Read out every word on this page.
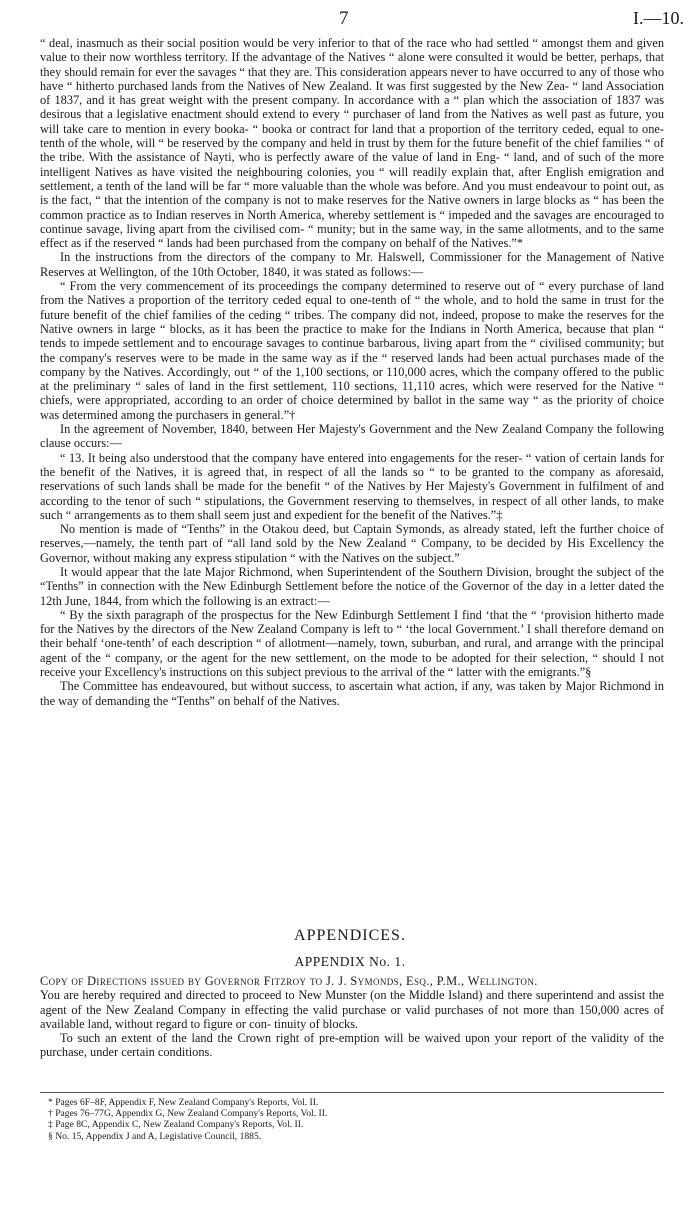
7	I.—10.

“ deal, inasmuch as their social position would be very inferior to that of the race who had settled “ amongst them and given value to their now worthless territory. If the advantage of the Natives “ alone were consulted it would be better, perhaps, that they should remain for ever the savages “ that they are. This consideration appears never to have occurred to any of those who have “ hitherto purchased lands from the Natives of New Zealand. It was first suggested by the New Zea- “ land Association of 1837, and it has great weight with the present company. In accordance with a “ plan which the association of 1837 was desirous that a legislative enactment should extend to every “ purchaser of land from the Natives as well past as future, you will take care to mention in every booka- “ booka or contract for land that a proportion of the territory ceded, equal to one-tenth of the whole, will “ be reserved by the company and held in trust by them for the future benefit of the chief families “ of the tribe. With the assistance of Nayti, who is perfectly aware of the value of land in Eng- “ land, and of such of the more intelligent Natives as have visited the neighbouring colonies, you “ will readily explain that, after English emigration and settlement, a tenth of the land will be far “ more valuable than the whole was before. And you must endeavour to point out, as is the fact, “ that the intention of the company is not to make reserves for the Native owners in large blocks as “ has been the common practice as to Indian reserves in North America, whereby settlement is “ impeded and the savages are encouraged to continue savage, living apart from the civilised com- “ munity; but in the same way, in the same allotments, and to the same effect as if the reserved “ lands had been purchased from the company on behalf of the Natives.”*

In the instructions from the directors of the company to Mr. Halswell, Commissioner for the Management of Native Reserves at Wellington, of the 10th October, 1840, it was stated as follows:—

“ From the very commencement of its proceedings the company determined to reserve out of “ every purchase of land from the Natives a proportion of the territory ceded equal to one-tenth of “ the whole, and to hold the same in trust for the future benefit of the chief families of the ceding “ tribes. The company did not, indeed, propose to make the reserves for the Native owners in large “ blocks, as it has been the practice to make for the Indians in North America, because that plan “ tends to impede settlement and to encourage savages to continue barbarous, living apart from the “ civilised community; but the company's reserves were to be made in the same way as if the “ reserved lands had been actual purchases made of the company by the Natives. Accordingly, out “ of the 1,100 sections, or 110,000 acres, which the company offered to the public at the preliminary “ sales of land in the first settlement, 110 sections, 11,110 acres, which were reserved for the Native “ chiefs, were appropriated, according to an order of choice determined by ballot in the same way “ as the priority of choice was determined among the purchasers in general.”†

In the agreement of November, 1840, between Her Majesty's Government and the New Zealand Company the following clause occurs:—

“ 13. It being also understood that the company have entered into engagements for the reser- “ vation of certain lands for the benefit of the Natives, it is agreed that, in respect of all the lands so “ to be granted to the company as aforesaid, reservations of such lands shall be made for the benefit “ of the Natives by Her Majesty's Government in fulfilment of and according to the tenor of such “ stipulations, the Government reserving to themselves, in respect of all other lands, to make such “ arrangements as to them shall seem just and expedient for the benefit of the Natives.”‡

No mention is made of “Tenths” in the Otakou deed, but Captain Symonds, as already stated, left the further choice of reserves,—namely, the tenth part of “all land sold by the New Zealand “ Company, to be decided by His Excellency the Governor, without making any express stipulation “ with the Natives on the subject.”

It would appear that the late Major Richmond, when Superintendent of the Southern Division, brought the subject of the “Tenths” in connection with the New Edinburgh Settlement before the notice of the Governor of the day in a letter dated the 12th June, 1844, from which the following is an extract:—

“ By the sixth paragraph of the prospectus for the New Edinburgh Settlement I find ‘that the “ ‘provision hitherto made for the Natives by the directors of the New Zealand Company is left to “ ‘the local Government.’ I shall therefore demand on their behalf ‘one-tenth’ of each description “ of allotment—namely, town, suburban, and rural, and arrange with the principal agent of the “ company, or the agent for the new settlement, on the mode to be adopted for their selection, “ should I not receive your Excellency's instructions on this subject previous to the arrival of the “ latter with the emigrants.”§

The Committee has endeavoured, but without success, to ascertain what action, if any, was taken by Major Richmond in the way of demanding the “Tenths” on behalf of the Natives.

APPENDICES.
APPENDIX No. 1.

Copy of Directions issued by Governor Fitzroy to J. J. Symonds, Esq., P.M., Wellington.

You are hereby required and directed to proceed to New Munster (on the Middle Island) and there superintend and assist the agent of the New Zealand Company in effecting the valid purchase or valid purchases of not more than 150,000 acres of available land, without regard to figure or con- tinuity of blocks.

To such an extent of the land the Crown right of pre-emption will be waived upon your report of the validity of the purchase, under certain conditions.

* Pages 6F–8F, Appendix F, New Zealand Company's Reports, Vol. II.
† Pages 76–77G, Appendix G, New Zealand Company's Reports, Vol. II.
‡ Page 8C, Appendix C, New Zealand Company's Reports, Vol. II.
§ No. 15, Appendix J and A, Legislative Council, 1885.
